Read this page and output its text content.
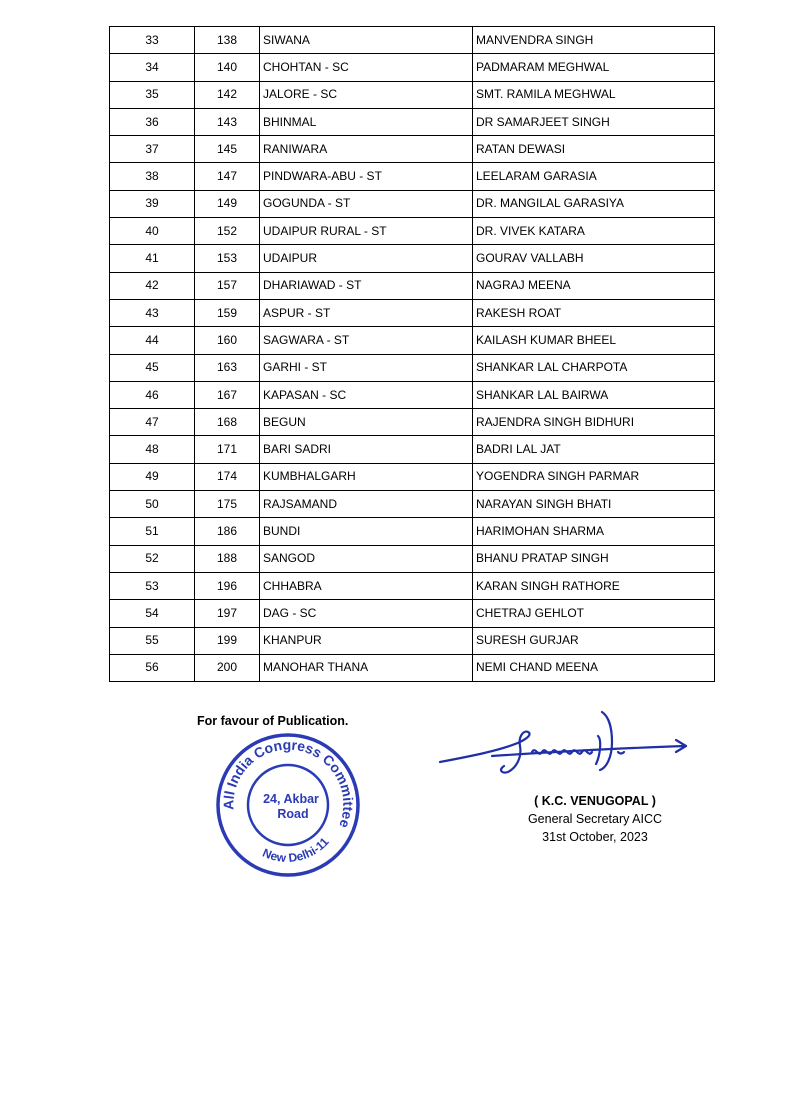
33	138	SIWANA	MANVENDRA SINGH
34	140	CHOHTAN - SC	PADMARAM MEGHWAL
35	142	JALORE - SC	SMT. RAMILA MEGHWAL
36	143	BHINMAL	DR SAMARJEET SINGH
37	145	RANIWARA	RATAN DEWASI
38	147	PINDWARA-ABU - ST	LEELARAM GARASIA
39	149	GOGUNDA - ST	DR. MANGILAL GARASIYA
40	152	UDAIPUR RURAL - ST	DR. VIVEK KATARA
41	153	UDAIPUR	GOURAV VALLABH
42	157	DHARIAWAD - ST	NAGRAJ MEENA
43	159	ASPUR - ST	RAKESH ROAT
44	160	SAGWARA - ST	KAILASH KUMAR BHEEL
45	163	GARHI - ST	SHANKAR LAL CHARPOTA
46	167	KAPASAN - SC	SHANKAR LAL BAIRWA
47	168	BEGUN	RAJENDRA SINGH BIDHURI
48	171	BARI SADRI	BADRI LAL JAT
49	174	KUMBHALGARH	YOGENDRA SINGH PARMAR
50	175	RAJSAMAND	NARAYAN SINGH BHATI
51	186	BUNDI	HARIMOHAN SHARMA
52	188	SANGOD	BHANU PRATAP SINGH
53	196	CHHABRA	KARAN SINGH RATHORE
54	197	DAG - SC	CHETRAJ GEHLOT
55	199	KHANPUR	SURESH GURJAR
56	200	MANOHAR THANA	NEMI CHAND MEENA
For favour of Publication.
All India Congress Committee
New Delhi-11
24, Akbar
Road
( K.C. VENUGOPAL )
General Secretary AICC
31st October, 2023
